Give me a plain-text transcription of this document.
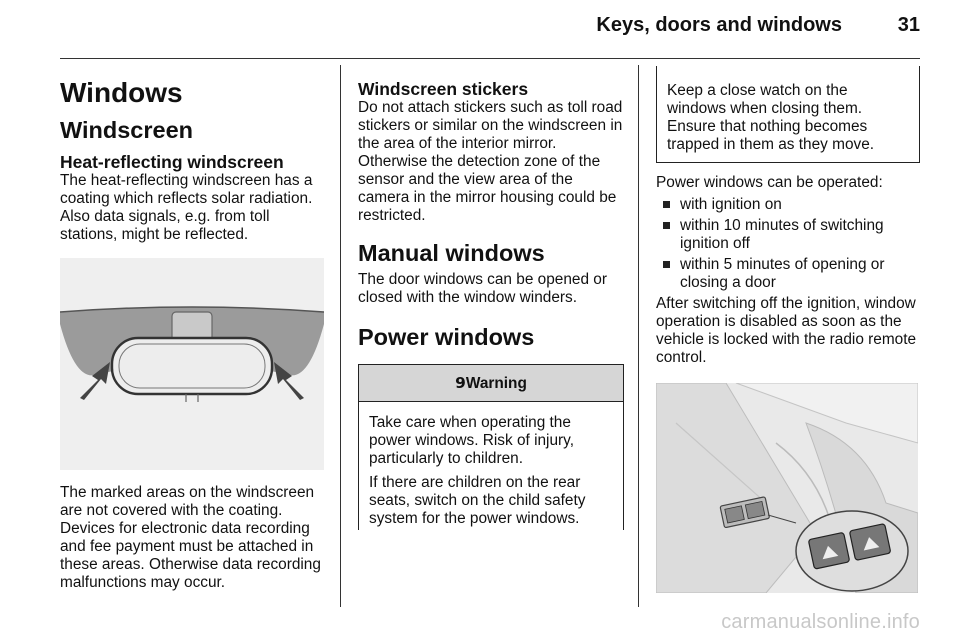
Keys, doors and windows	31
Windows
Windscreen
Heat-reflecting windscreen

The heat-reflecting windscreen has a coating which reflects solar radiation. Also data signals, e.g. from toll stations, might be reflected.

The marked areas on the windscreen are not covered with the coating. Devices for electronic data recording and fee payment must be attached in these areas. Otherwise data recording malfunctions may occur.

Windscreen stickers

Do not attach stickers such as toll road stickers or similar on the windscreen in the area of the interior mirror. Otherwise the detection zone of the sensor and the view area of the camera in the mirror housing could be restricted.

Manual windows

The door windows can be opened or closed with the window winders.

Power windows
9Warning

Take care when operating the power windows. Risk of injury, particularly to children.

If there are children on the rear seats, switch on the child safety system for the power windows.

Keep a close watch on the windows when closing them. Ensure that nothing becomes trapped in them as they move.

Power windows can be operated:

with ignition on
within 10 minutes of switching ignition off
within 5 minutes of opening or closing a door

After switching off the ignition, window operation is disabled as soon as the vehicle is locked with the radio remote control.

carmanualsonline.info
